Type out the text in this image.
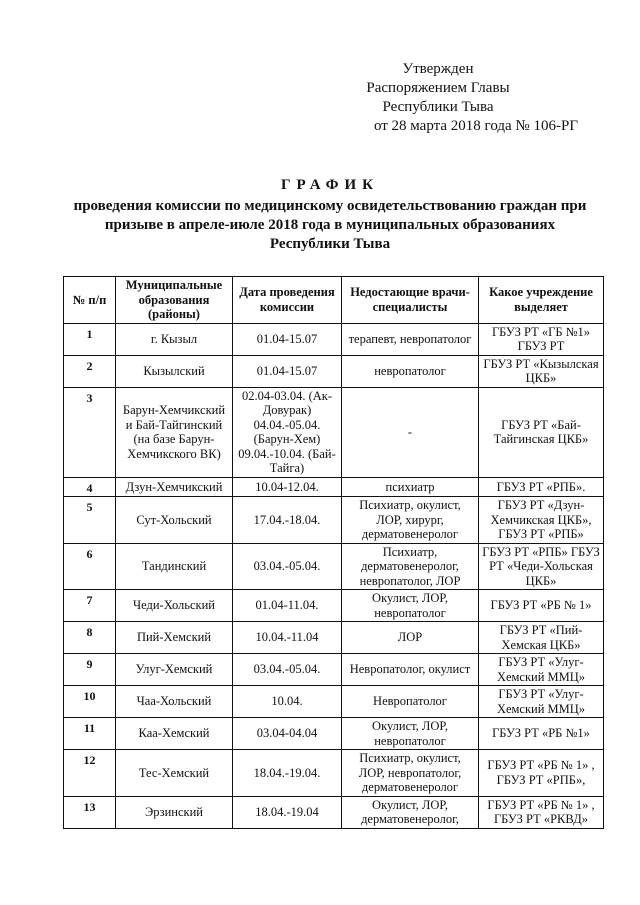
Утвержден
Распоряжением Главы
Республики Тыва
от 28 марта 2018 года № 106-РГ
ГРАФИК
проведения комиссии по медицинскому освидетельствованию граждан при
призыве в апреле-июле 2018 года в муниципальных образованиях
Республики Тыва
№ п/п	Муниципальные образования (районы)	Дата проведения комиссии	Недостающие врачи-специалисты	Какое учреждение выделяет
1	г. Кызыл	01.04-15.07	терапевт, невропатолог	ГБУЗ РТ «ГБ №1» ГБУЗ РТ
2	Кызылский	01.04-15.07	невропатолог	ГБУЗ РТ «Кызылская ЦКБ»
3	Барун-Хемчикский и Бай-Тайгинский (на базе Барун-Хемчикского ВК)	02.04-03.04. (Ак-Довурак) 04.04.-05.04. (Барун-Хем) 09.04.-10.04. (Бай-Тайга)	-	ГБУЗ РТ «Бай-Тайгинская ЦКБ»
4	Дзун-Хемчикский	10.04-12.04.	психиатр	ГБУЗ РТ «РПБ».
5	Сут-Хольский	17.04.-18.04.	Психиатр, окулист, ЛОР, хирург, дерматовенеролог	ГБУЗ РТ «Дзун-Хемчикская ЦКБ», ГБУЗ РТ «РПБ»
6	Тандинский	03.04.-05.04.	Психиатр, дерматовенеролог, невропатолог, ЛОР	ГБУЗ РТ «РПБ» ГБУЗ РТ «Чеди-Хольская ЦКБ»
7	Чеди-Хольский	01.04-11.04.	Окулист, ЛОР, невропатолог	ГБУЗ РТ «РБ № 1»
8	Пий-Хемский	10.04.-11.04	ЛОР	ГБУЗ РТ «Пий-Хемская ЦКБ»
9	Улуг-Хемский	03.04.-05.04.	Невропатолог, окулист	ГБУЗ РТ «Улуг-Хемский ММЦ»
10	Чаа-Хольский	10.04.	Невропатолог	ГБУЗ РТ «Улуг-Хемский ММЦ»
11	Каа-Хемский	03.04-04.04	Окулист, ЛОР, невропатолог	ГБУЗ РТ «РБ №1»
12	Тес-Хемский	18.04.-19.04.	Психиатр, окулист, ЛОР, невропатолог, дерматовенеролог	ГБУЗ РТ «РБ № 1» , ГБУЗ РТ «РПБ»,
13	Эрзинский	18.04.-19.04	Окулист, ЛОР, дерматовенеролог,	ГБУЗ РТ «РБ № 1» , ГБУЗ РТ «РКВД»
